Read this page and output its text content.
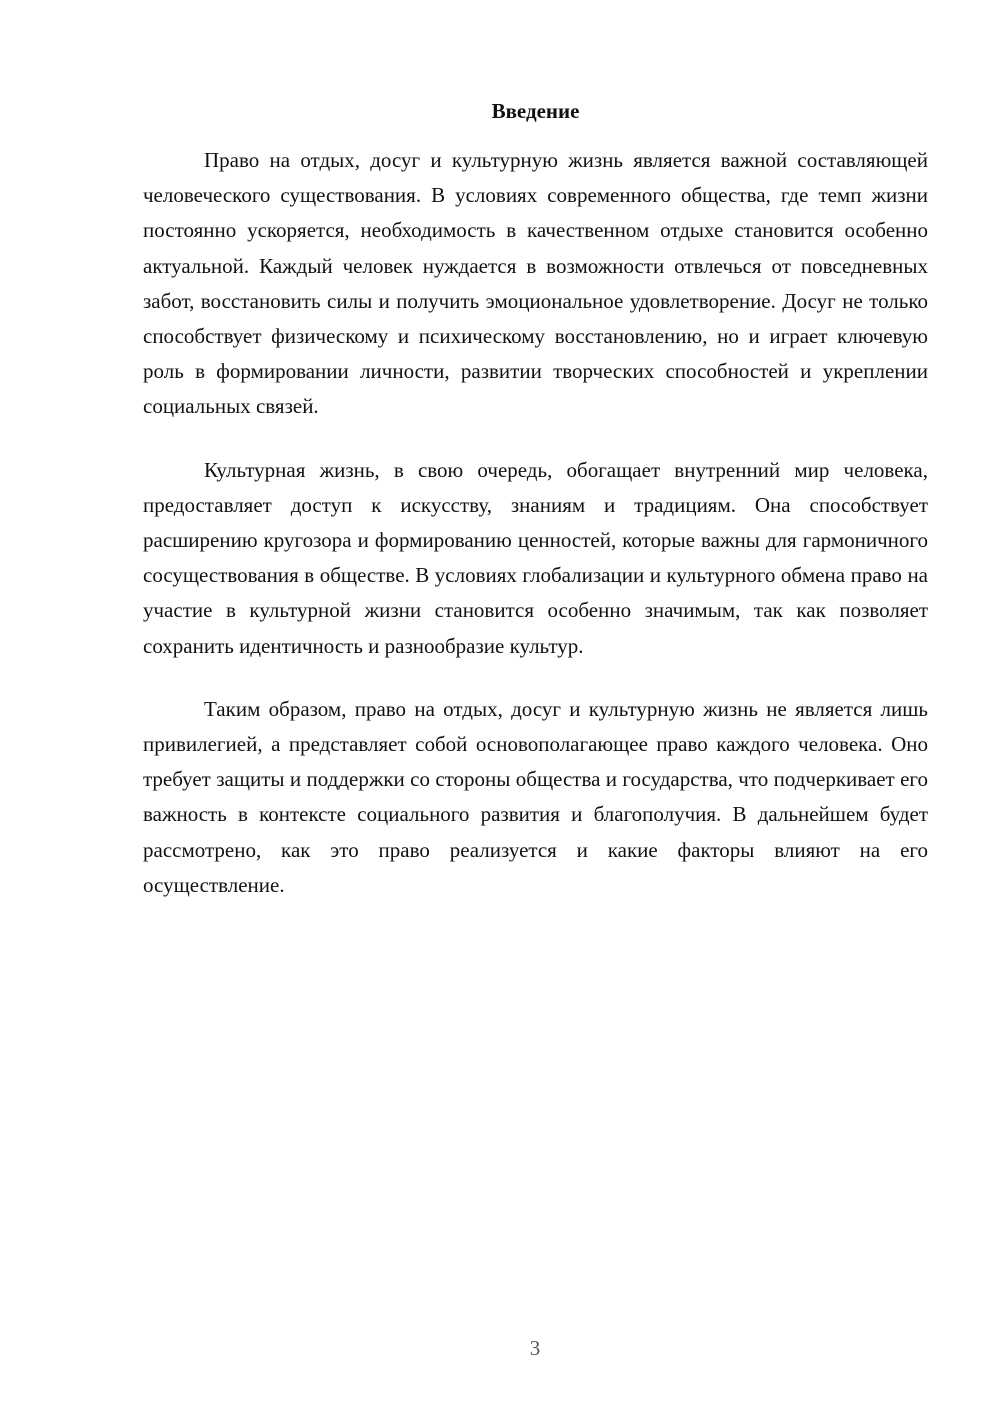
Введение

Право на отдых, досуг и культурную жизнь является важной составляющей человеческого существования. В условиях современного общества, где темп жизни постоянно ускоряется, необходимость в качественном отдыхе становится особенно актуальной. Каждый человек нуждается в возможности отвлечься от повседневных забот, восстановить силы и получить эмоциональное удовлетворение. Досуг не только способствует физическому и психическому восстановлению, но и играет ключевую роль в формировании личности, развитии творческих способностей и укреплении социальных связей.

Культурная жизнь, в свою очередь, обогащает внутренний мир человека, предоставляет доступ к искусству, знаниям и традициям. Она способствует расширению кругозора и формированию ценностей, которые важны для гармоничного сосуществования в обществе. В условиях глобализации и культурного обмена право на участие в культурной жизни становится особенно значимым, так как позволяет сохранить идентичность и разнообразие культур.

Таким образом, право на отдых, досуг и культурную жизнь не является лишь привилегией, а представляет собой основополагающее право каждого человека. Оно требует защиты и поддержки со стороны общества и государства, что подчеркивает его важность в контексте социального развития и благополучия. В дальнейшем будет рассмотрено, как это право реализуется и какие факторы влияют на его осуществление.

3
